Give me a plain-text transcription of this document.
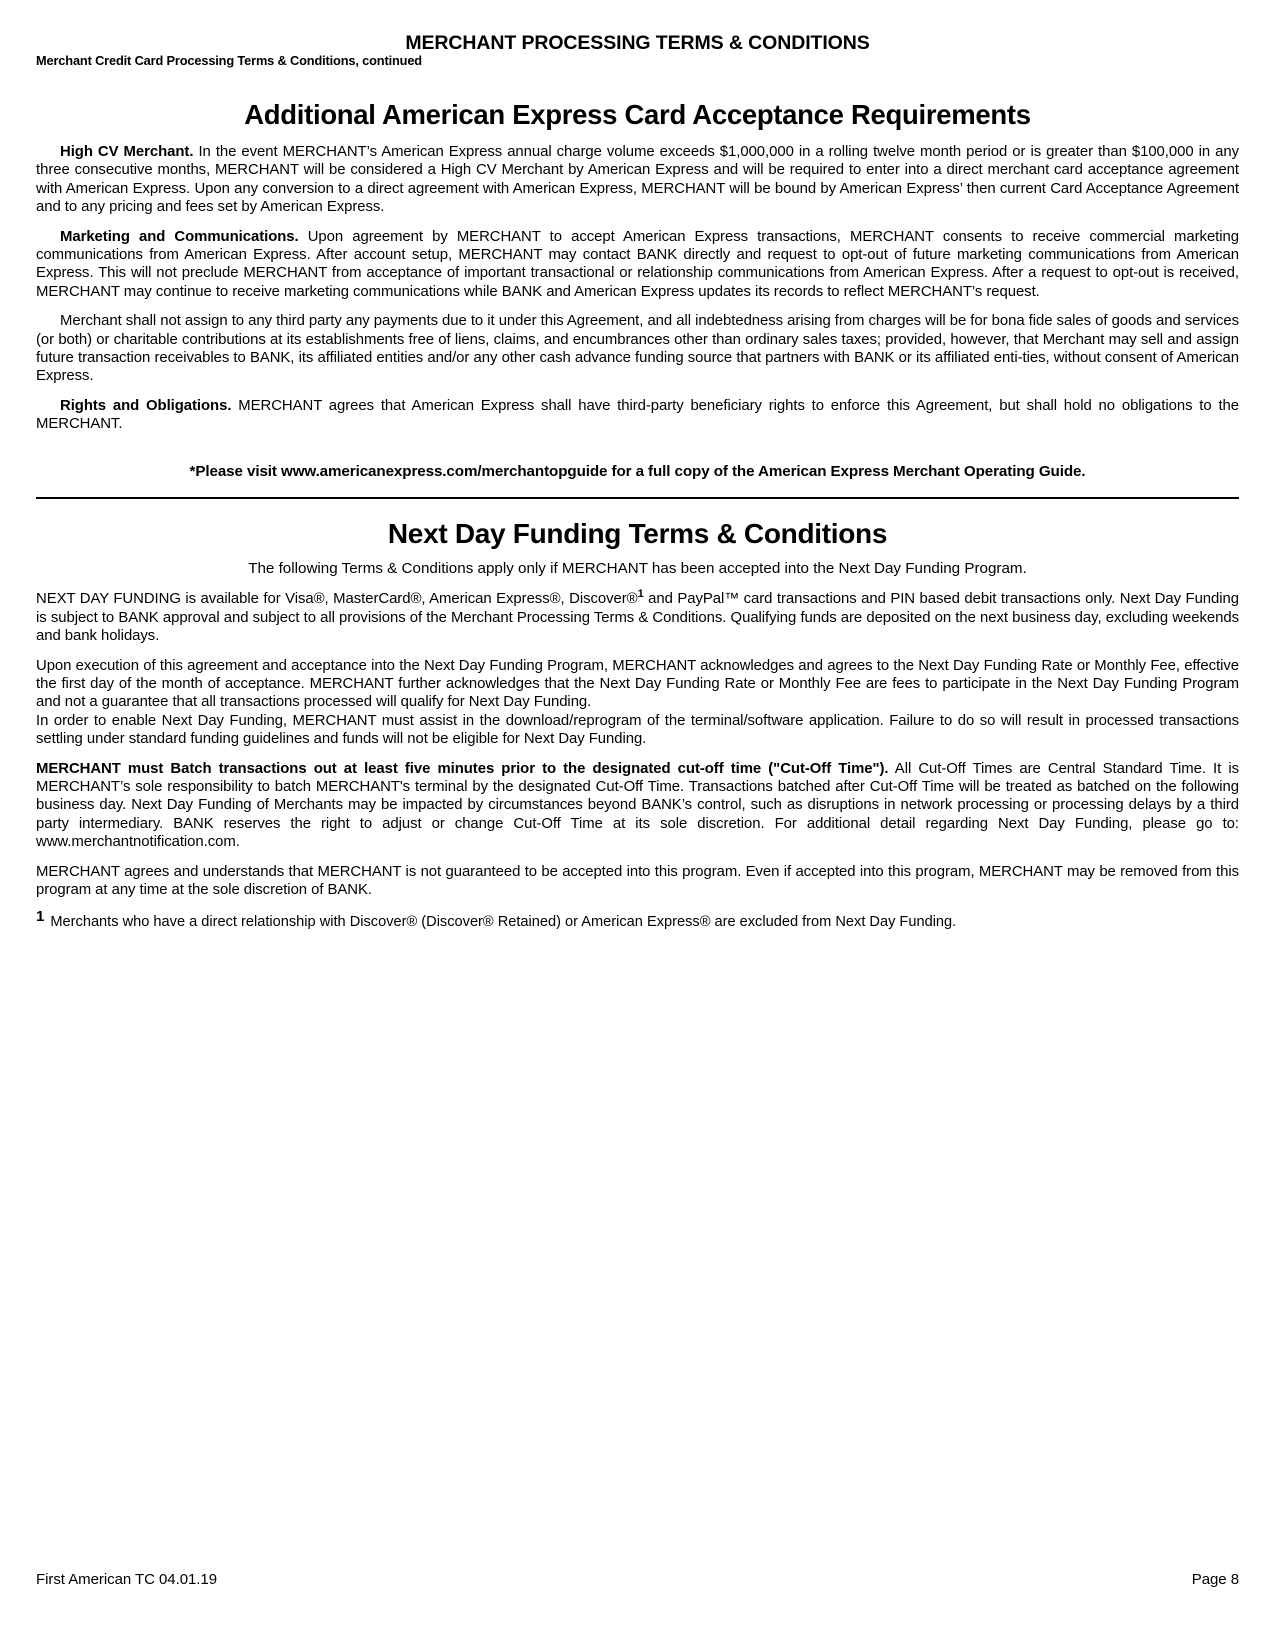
MERCHANT PROCESSING TERMS & CONDITIONS
Merchant Credit Card Processing Terms & Conditions, continued
Additional American Express Card Acceptance Requirements

High CV Merchant. In the event MERCHANT’s American Express annual charge volume exceeds $1,000,000 in a rolling twelve month period or is greater than $100,000 in any three consecutive months, MERCHANT will be considered a High CV Merchant by American Express and will be required to enter into a direct merchant card acceptance agreement with American Express. Upon any conversion to a direct agreement with American Express, MERCHANT will be bound by American Express’ then current Card Acceptance Agreement and to any pricing and fees set by American Express.

Marketing and Communications. Upon agreement by MERCHANT to accept American Express transactions, MERCHANT consents to receive commercial marketing communications from American Express. After account setup, MERCHANT may contact BANK directly and request to opt-out of future marketing communications from American Express. This will not preclude MERCHANT from acceptance of important transactional or relationship communications from American Express. After a request to opt-out is received, MERCHANT may continue to receive marketing communications while BANK and American Express updates its records to reflect MERCHANT’s request.

Merchant shall not assign to any third party any payments due to it under this Agreement, and all indebtedness arising from charges will be for bona fide sales of goods and services (or both) or charitable contributions at its establishments free of liens, claims, and encumbrances other than ordinary sales taxes; provided, however, that Merchant may sell and assign future transaction receivables to BANK, its affiliated entities and/or any other cash advance funding source that partners with BANK or its affiliated enti-ties, without consent of American Express.

Rights and Obligations. MERCHANT agrees that American Express shall have third-party beneficiary rights to enforce this Agreement, but shall hold no obligations to the MERCHANT.

*Please visit www.americanexpress.com/merchantopguide for a full copy of the American Express Merchant Operating Guide.

Next Day Funding Terms & Conditions

The following Terms & Conditions apply only if MERCHANT has been accepted into the Next Day Funding Program.

NEXT DAY FUNDING is available for Visa®, MasterCard®, American Express®, Discover®$^1$ and PayPal™ card transactions and PIN based debit transactions only. Next Day Funding is subject to BANK approval and subject to all provisions of the Merchant Processing Terms & Conditions. Qualifying funds are deposited on the next business day, excluding weekends and bank holidays.

Upon execution of this agreement and acceptance into the Next Day Funding Program, MERCHANT acknowledges and agrees to the Next Day Funding Rate or Monthly Fee, effective the first day of the month of acceptance. MERCHANT further acknowledges that the Next Day Funding Rate or Monthly Fee are fees to participate in the Next Day Funding Program and not a guarantee that all transactions processed will qualify for Next Day Funding.

In order to enable Next Day Funding, MERCHANT must assist in the download/reprogram of the terminal/software application. Failure to do so will result in processed transactions settling under standard funding guidelines and funds will not be eligible for Next Day Funding.

MERCHANT must Batch transactions out at least five minutes prior to the designated cut-off time ("Cut-Off Time"). All Cut-Off Times are Central Standard Time. It is MERCHANT’s sole responsibility to batch MERCHANT's terminal by the designated Cut-Off Time. Transactions batched after Cut-Off Time will be treated as batched on the following business day. Next Day Funding of Merchants may be impacted by circumstances beyond BANK’s control, such as disruptions in network processing or processing delays by a third party intermediary. BANK reserves the right to adjust or change Cut-Off Time at its sole discretion. For additional detail regarding Next Day Funding, please go to: www.merchantnotification.com.

MERCHANT agrees and understands that MERCHANT is not guaranteed to be accepted into this program. Even if accepted into this program, MERCHANT may be removed from this program at any time at the sole discretion of BANK.

1 Merchants who have a direct relationship with Discover® (Discover® Retained) or American Express® are excluded from Next Day Funding.

First American TC 04.01.19	Page 8
